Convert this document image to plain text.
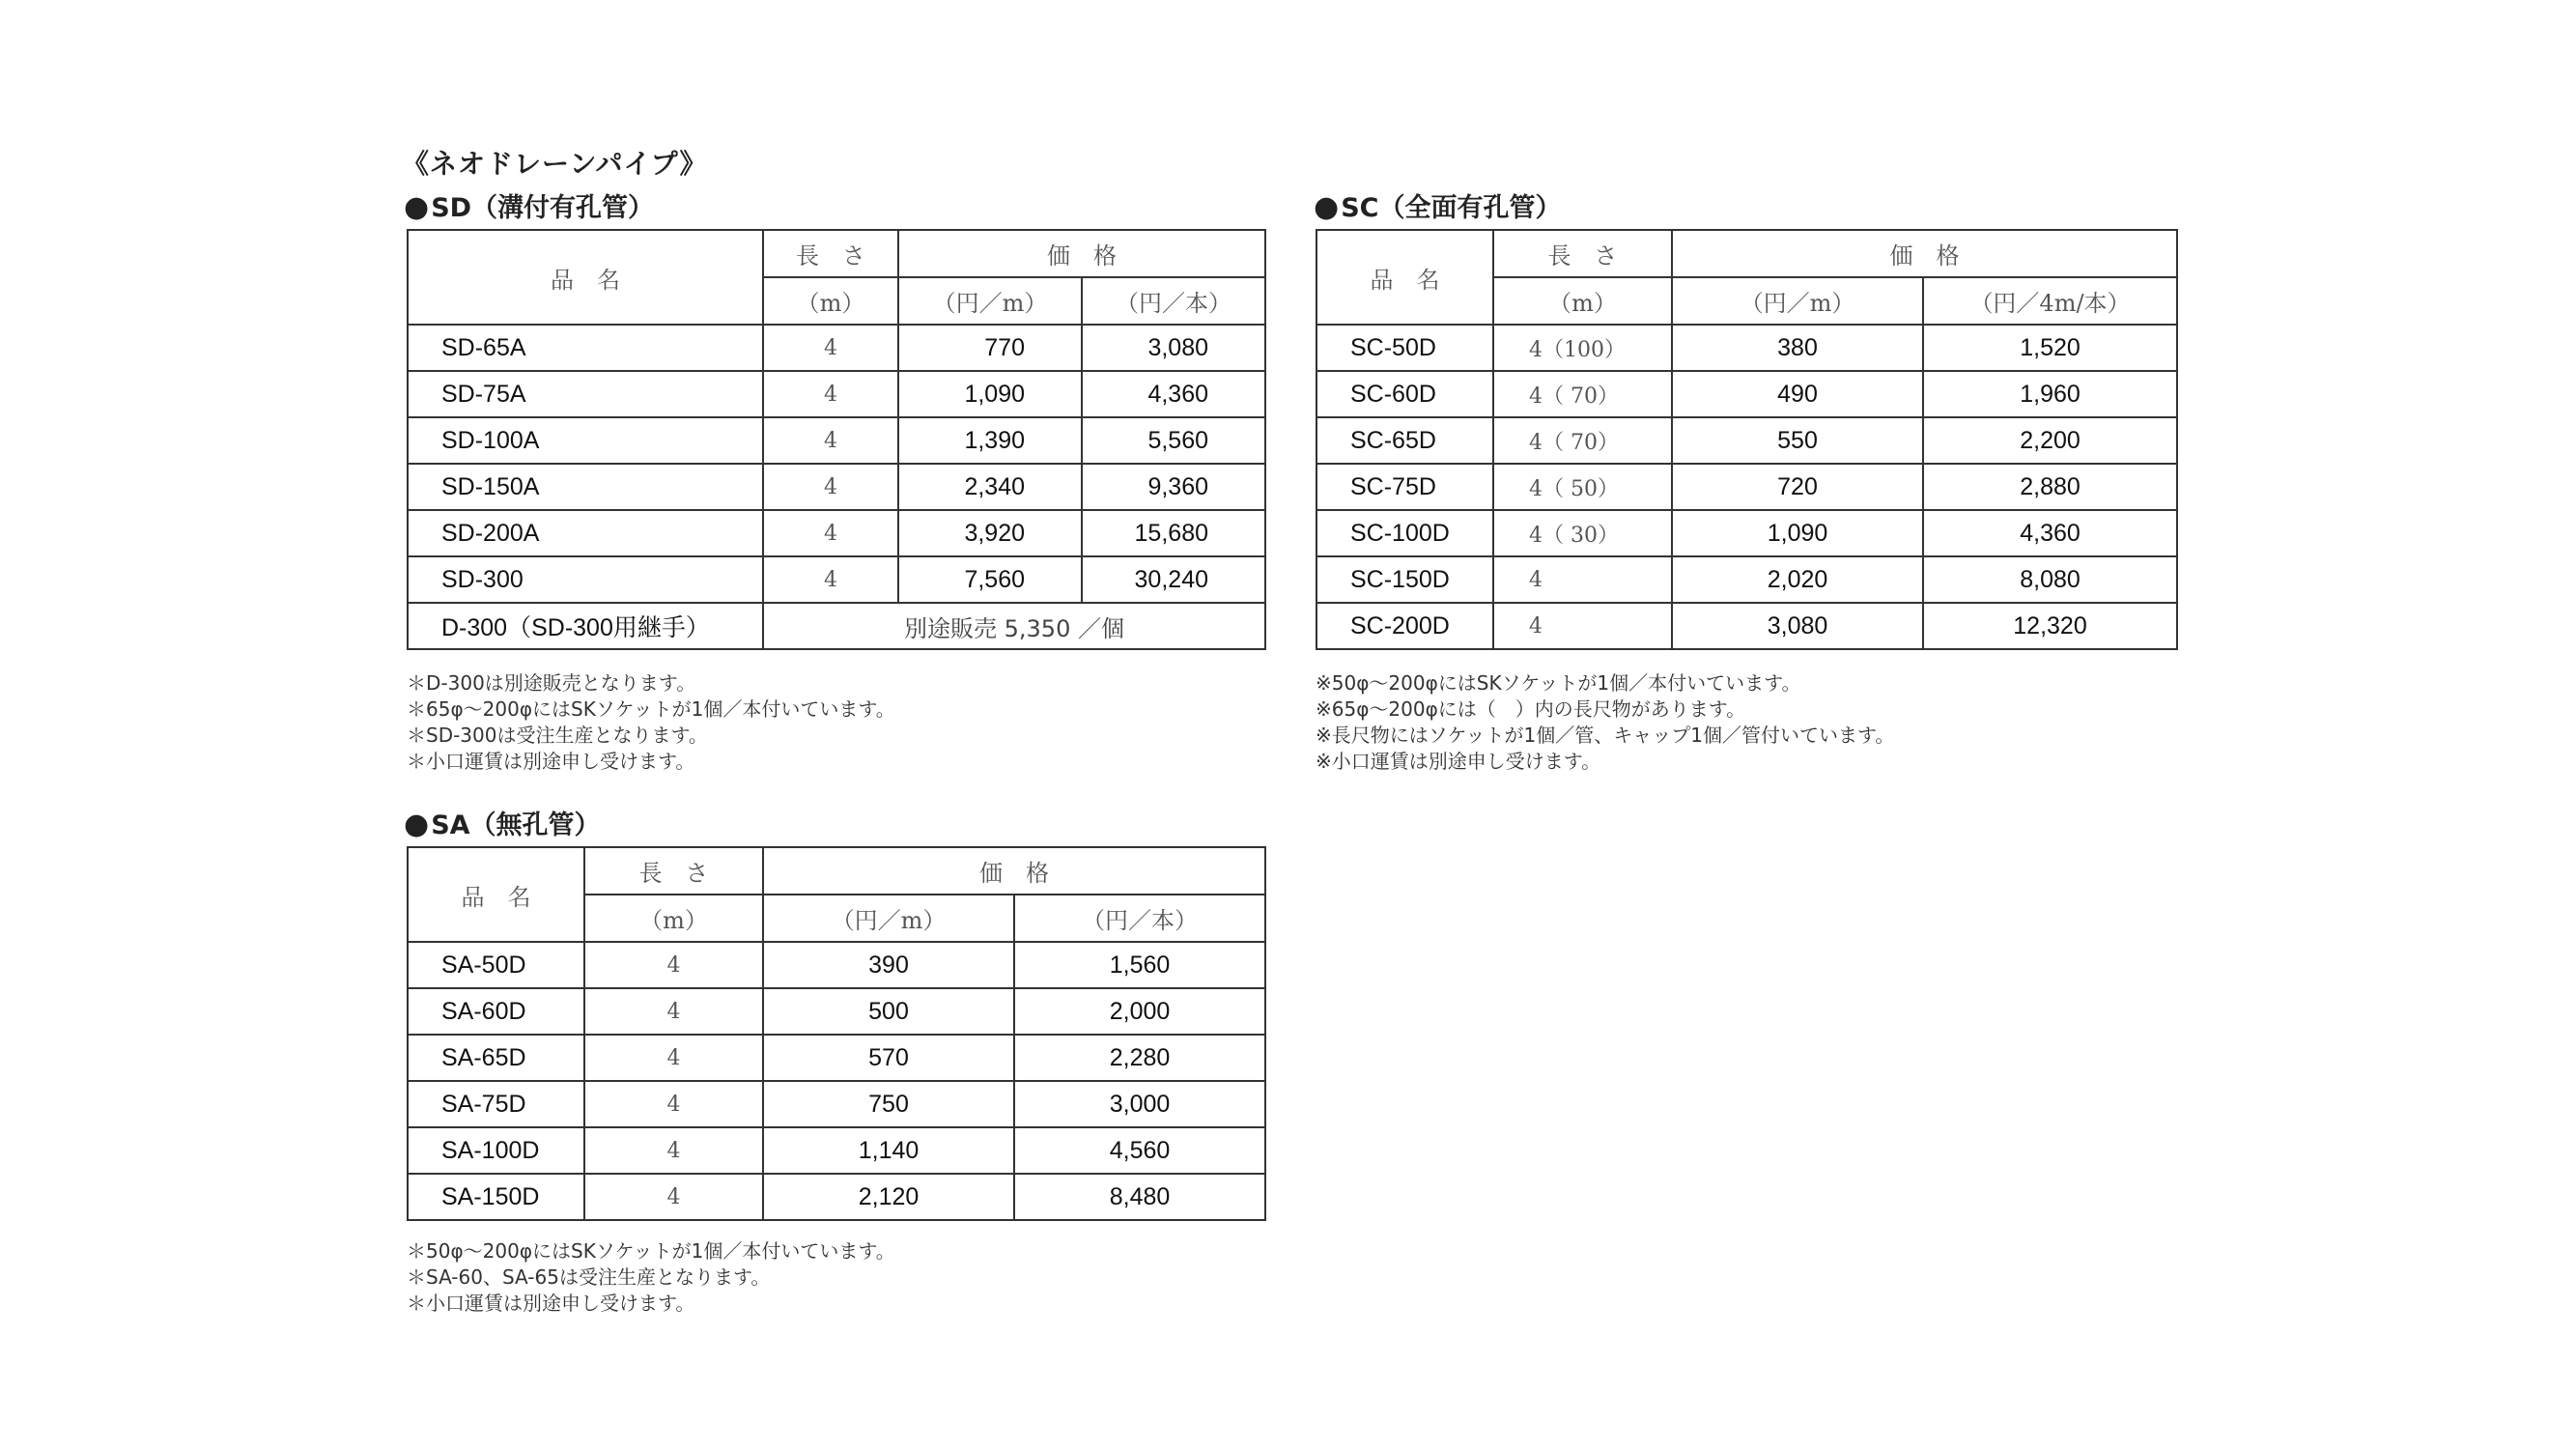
《ネオドレーンパイプ》
●SD（溝付有孔管）
品　名	長　さ	価　格	
	（m）	（円／m）	（円／本）
SD-65A	4	770	3,080
SD-75A	4	1,090	4,360
SD-100A	4	1,390	5,560
SD-150A	4	2,340	9,360
SD-200A	4	3,920	15,680
SD-300	4	7,560	30,240
D-300（SD-300用継手）	別途販売 5,350 ／個		
＊D-300は別途販売となります。
＊65φ～200φにはSKソケットが1個／本付いています。
＊SD-300は受注生産となります。
＊小口運賃は別途申し受けます。
●SC（全面有孔管）
品　名	長　さ	価　格	
	（m）	（円／m）	（円／4m/本）
SC-50D	4（100）	380	1,520
SC-60D	4（ 70）	490	1,960
SC-65D	4（ 70）	550	2,200
SC-75D	4（ 50）	720	2,880
SC-100D	4（ 30）	1,090	4,360
SC-150D	4	2,020	8,080
SC-200D	4	3,080	12,320
※50φ～200φにはSKソケットが1個／本付いています。
※65φ～200φには（　）内の長尺物があります。
※長尺物にはソケットが1個／管、キャップ1個／管付いています。
※小口運賃は別途申し受けます。
●SA（無孔管）
品　名	長　さ	価　格	
	（m）	（円／m）	（円／本）
SA-50D	4	390	1,560
SA-60D	4	500	2,000
SA-65D	4	570	2,280
SA-75D	4	750	3,000
SA-100D	4	1,140	4,560
SA-150D	4	2,120	8,480
＊50φ～200φにはSKソケットが1個／本付いています。
＊SA-60、SA-65は受注生産となります。
＊小口運賃は別途申し受けます。
